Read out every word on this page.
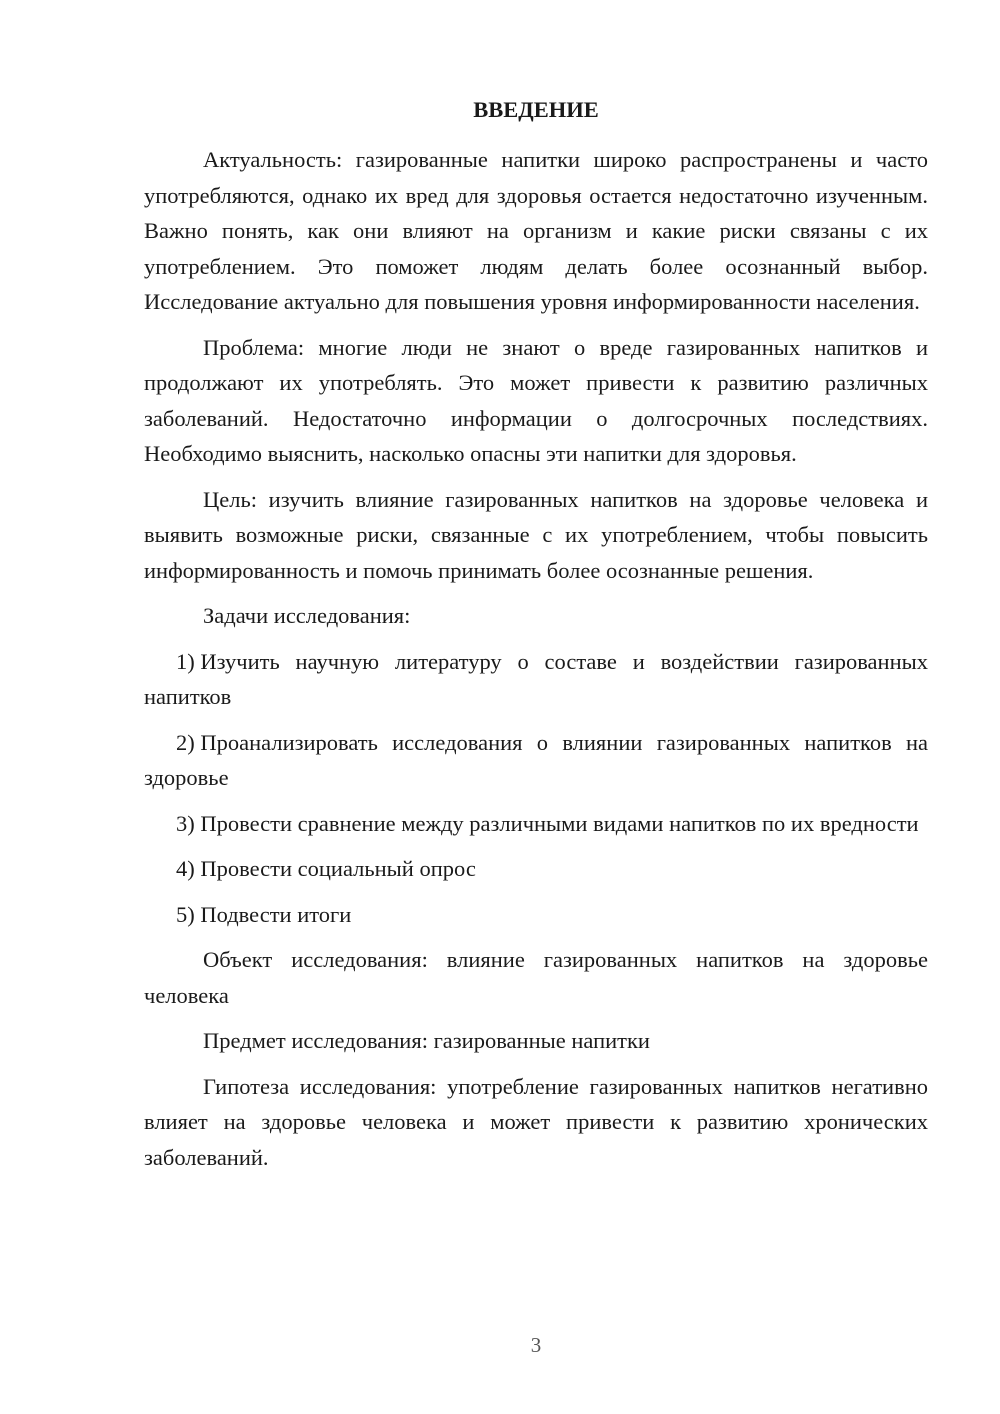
ВВЕДЕНИЕ

Актуальность: газированные напитки широко распространены и часто употребляются, однако их вред для здоровья остается недостаточно изученным. Важно понять, как они влияют на организм и какие риски связаны с их употреблением. Это поможет людям делать более осознанный выбор. Исследование актуально для повышения уровня информированности населения.

Проблема: многие люди не знают о вреде газированных напитков и продолжают их употреблять. Это может привести к развитию различных заболеваний. Недостаточно информации о долгосрочных последствиях. Необходимо выяснить, насколько опасны эти напитки для здоровья.

Цель: изучить влияние газированных напитков на здоровье человека и выявить возможные риски, связанные с их употреблением, чтобы повысить информированность и помочь принимать более осознанные решения.

Задачи исследования:

1) Изучить научную литературу о составе и воздействии газированных напитков

2) Проанализировать исследования о влиянии газированных напитков на здоровье

3) Провести сравнение между различными видами напитков по их вредности

4) Провести социальный опрос

5) Подвести итоги

Объект исследования: влияние газированных напитков на здоровье человека

Предмет исследования: газированные напитки

Гипотеза исследования: употребление газированных напитков негативно влияет на здоровье человека и может привести к развитию хронических заболеваний.

3
